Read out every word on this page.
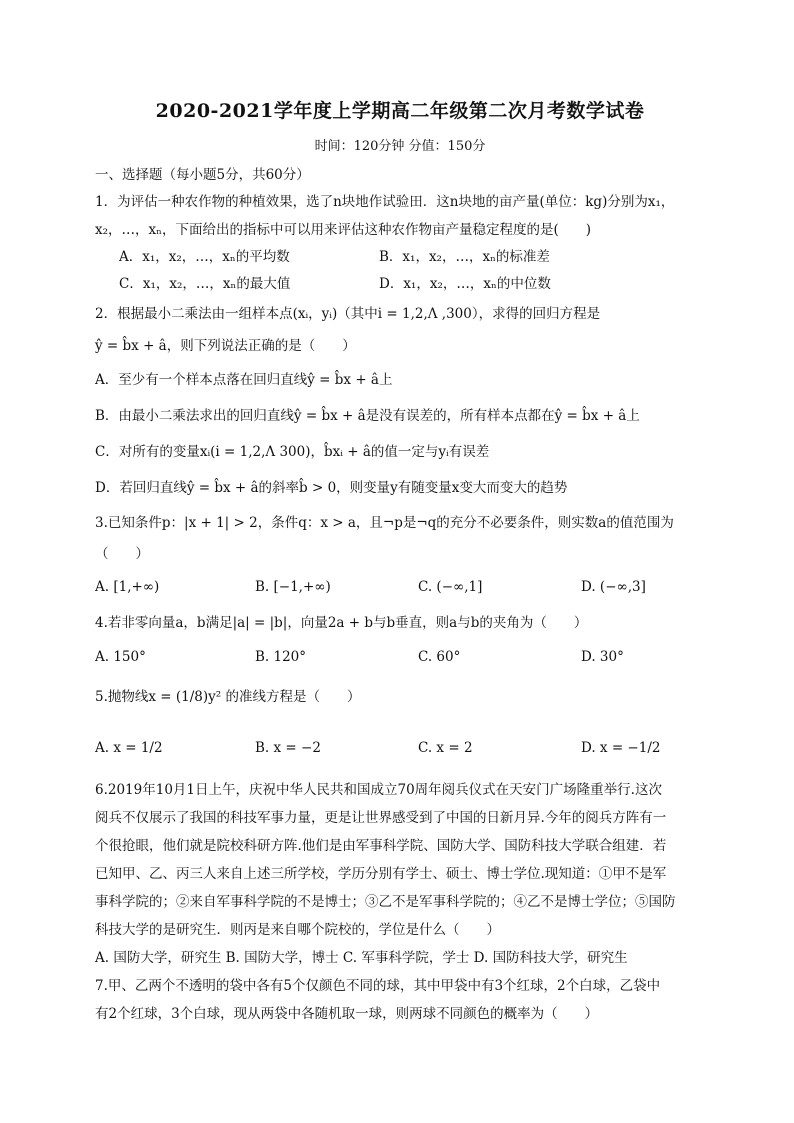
2020-2021学年度上学期高二年级第二次月考数学试卷
时间：120分钟 分值：150分
一、选择题（每小题5分，共60分）
1．为评估一种农作物的种植效果，选了n块地作试验田．这n块地的亩产量(单位：kg)分别为x₁，
x₂，…，xₙ，下面给出的指标中可以用来评估这种农作物亩产量稳定程度的是(　　)
A．x₁，x₂，…，xₙ的平均数	B．x₁，x₂，…，xₙ的标准差
C．x₁，x₂，…，xₙ的最大值	D．x₁，x₂，…，xₙ的中位数
2．根据最小二乘法由一组样本点(xᵢ，yᵢ)（其中i = 1,2,Λ ,300），求得的回归方程是
ŷ = b̂x + â，则下列说法正确的是（　　）
A．至少有一个样本点落在回归直线ŷ = b̂x + â上
B．由最小二乘法求出的回归直线ŷ = b̂x + â是没有误差的，所有样本点都在ŷ = b̂x + â上
C．对所有的变量xᵢ(i = 1,2,Λ 300)，b̂xᵢ + â的值一定与yᵢ有误差
D．若回归直线ŷ = b̂x + â的斜率b̂ > 0，则变量y有随变量x变大而变大的趋势
3.已知条件p：|x + 1| > 2，条件q：x > a，且¬p是¬q的充分不必要条件，则实数a的值范围为
（　　）
A. [1,+∞)	B. [−1,+∞)	C. (−∞,1]	D. (−∞,3]
4.若非零向量a，b满足|a| = |b|，向量2a + b与b垂直，则a与b的夹角为（　　）
A. 150°	B. 120°	C. 60°	D. 30°
5.抛物线x = (1/8)y² 的准线方程是（　　）
A. x = 1/2	B. x = −2	C. x = 2	D. x = −1/2
6.2019年10月1日上午，庆祝中华人民共和国成立70周年阅兵仪式在天安门广场隆重举行.这次
阅兵不仅展示了我国的科技军事力量，更是让世界感受到了中国的日新月异.今年的阅兵方阵有一
个很抢眼，他们就是院校科研方阵.他们是由军事科学院、国防大学、国防科技大学联合组建．若
已知甲、乙、丙三人来自上述三所学校，学历分别有学士、硕士、博士学位.现知道：①甲不是军
事科学院的；②来自军事科学院的不是博士；③乙不是军事科学院的；④乙不是博士学位；⑤国防
科技大学的是研究生．则丙是来自哪个院校的，学位是什么（　　）
A. 国防大学，研究生 B. 国防大学，博士 C. 军事科学院，学士 D. 国防科技大学，研究生
7.甲、乙两个不透明的袋中各有5个仅颜色不同的球，其中甲袋中有3个红球，2个白球，乙袋中
有2个红球，3个白球，现从两袋中各随机取一球，则两球不同颜色的概率为（　　）
